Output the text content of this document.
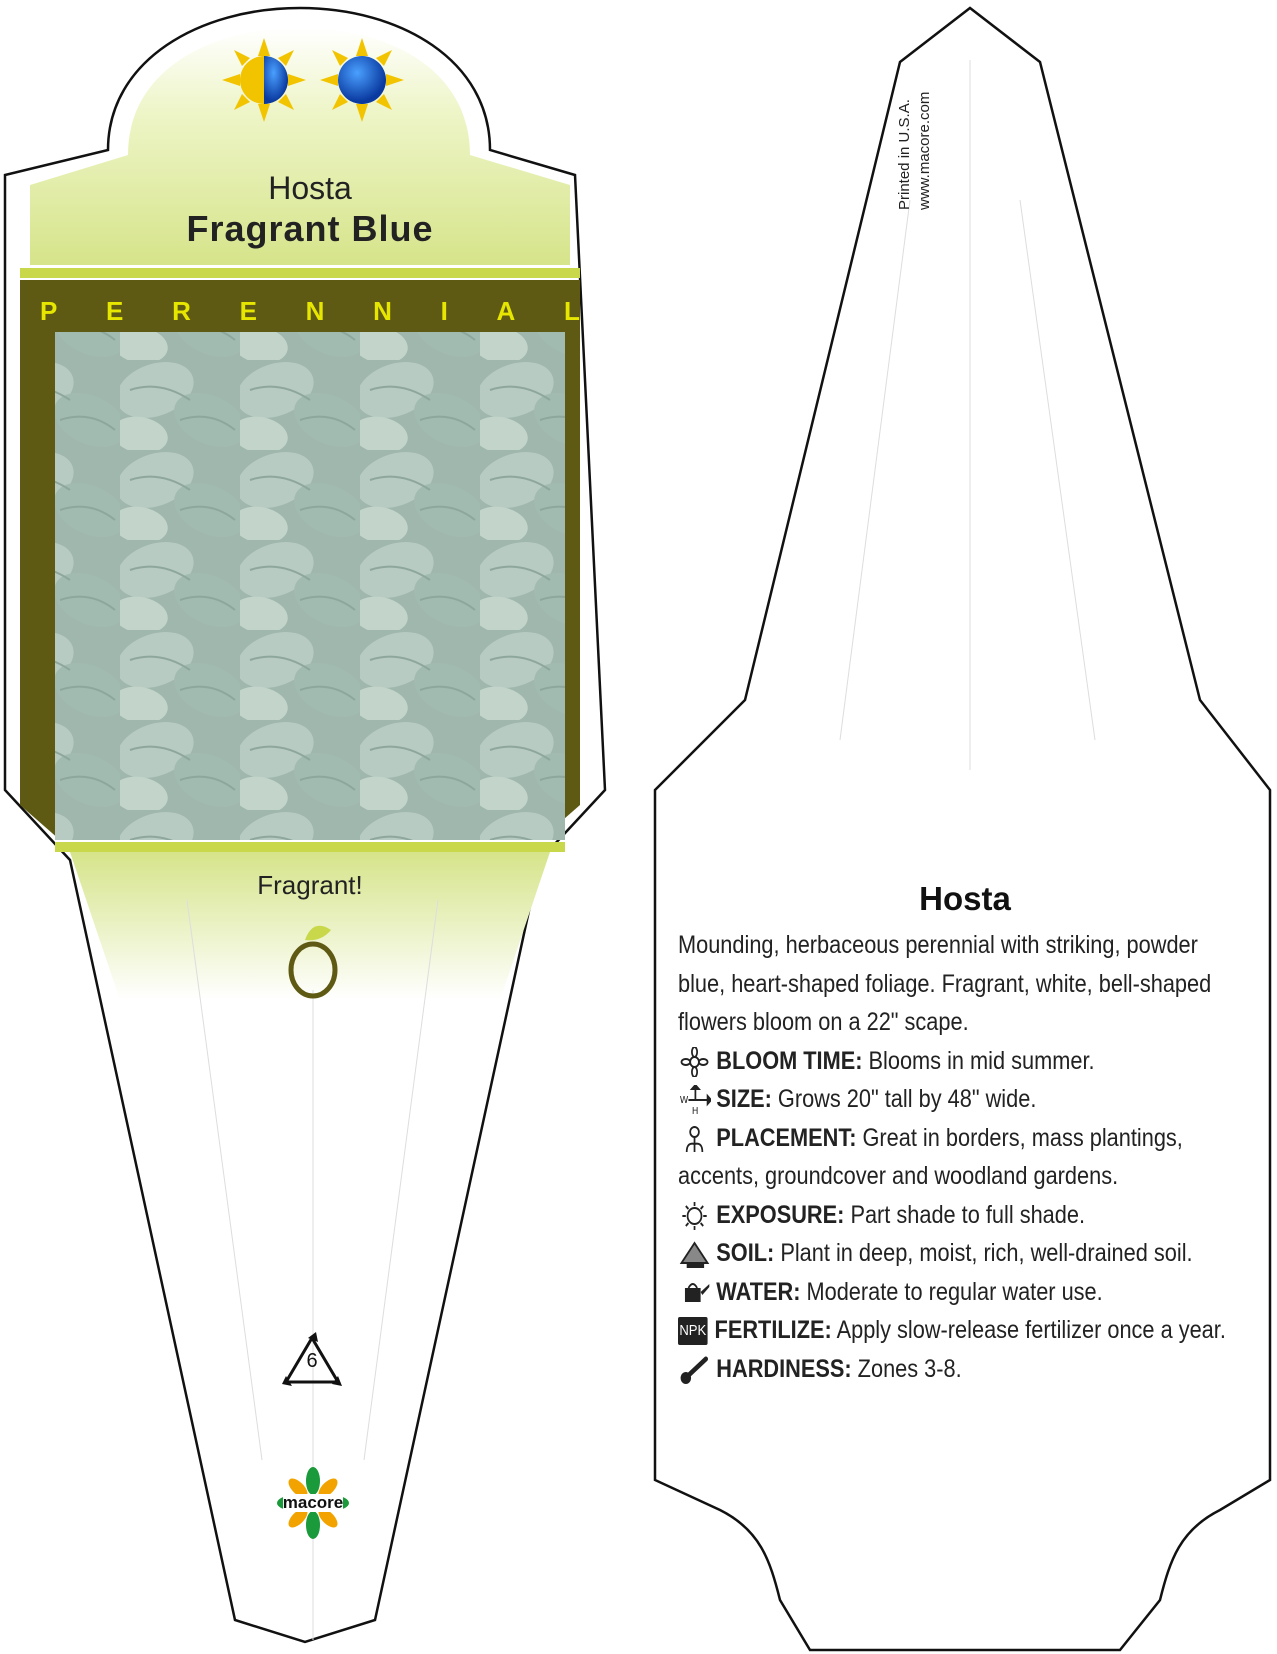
Hosta
Fragrant Blue
P E R E N N I A L
Fragrant!
6
macore
Printed in U.S.A. www.macore.com
Hosta
Mounding, herbaceous perennial with striking, powder blue, heart-shaped foliage. Fragrant, white, bell-shaped flowers bloom on a 22" scape.
BLOOM TIME: Blooms in mid summer.
W
H SIZE: Grows 20" tall by 48" wide.
PLACEMENT: Great in borders, mass plantings, accents, groundcover and woodland gardens.
EXPOSURE: Part shade to full shade.
SOIL: Plant in deep, moist, rich, well-drained soil.
WATER: Moderate to regular water use.
NPK FERTILIZE: Apply slow-release fertilizer once a year.
HARDINESS: Zones 3-8.
